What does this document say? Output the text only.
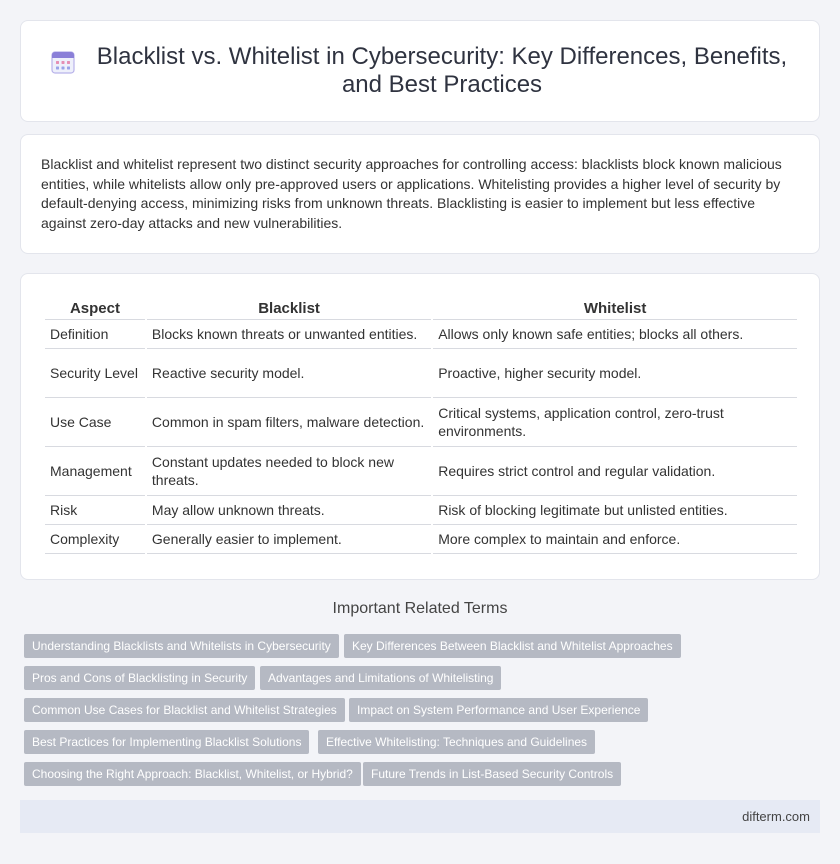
Blacklist vs. Whitelist in Cybersecurity: Key Differences, Benefits, and Best Practices

Blacklist and whitelist represent two distinct security approaches for controlling access: blacklists block known malicious entities, while whitelists allow only pre-approved users or applications. Whitelisting provides a higher level of security by default-denying access, minimizing risks from unknown threats. Blacklisting is easier to implement but less effective against zero-day attacks and new vulnerabilities.

Aspect	Blacklist	Whitelist
Definition	Blocks known threats or unwanted entities.	Allows only known safe entities; blocks all others.
Security Level	Reactive security model.	Proactive, higher security model.
Use Case	Common in spam filters, malware detection.	Critical systems, application control, zero-trust environments.
Management	Constant updates needed to block new threats.	Requires strict control and regular validation.
Risk	May allow unknown threats.	Risk of blocking legitimate but unlisted entities.
Complexity	Generally easier to implement.	More complex to maintain and enforce.
Important Related Terms
Understanding Blacklists and Whitelists in Cybersecurity	Key Differences Between Blacklist and Whitelist Approaches
Pros and Cons of Blacklisting in Security	Advantages and Limitations of Whitelisting
Common Use Cases for Blacklist and Whitelist Strategies	Impact on System Performance and User Experience
Best Practices for Implementing Blacklist Solutions	Effective Whitelisting: Techniques and Guidelines
Choosing the Right Approach: Blacklist, Whitelist, or Hybrid?	Future Trends in List-Based Security Controls
difterm.com
